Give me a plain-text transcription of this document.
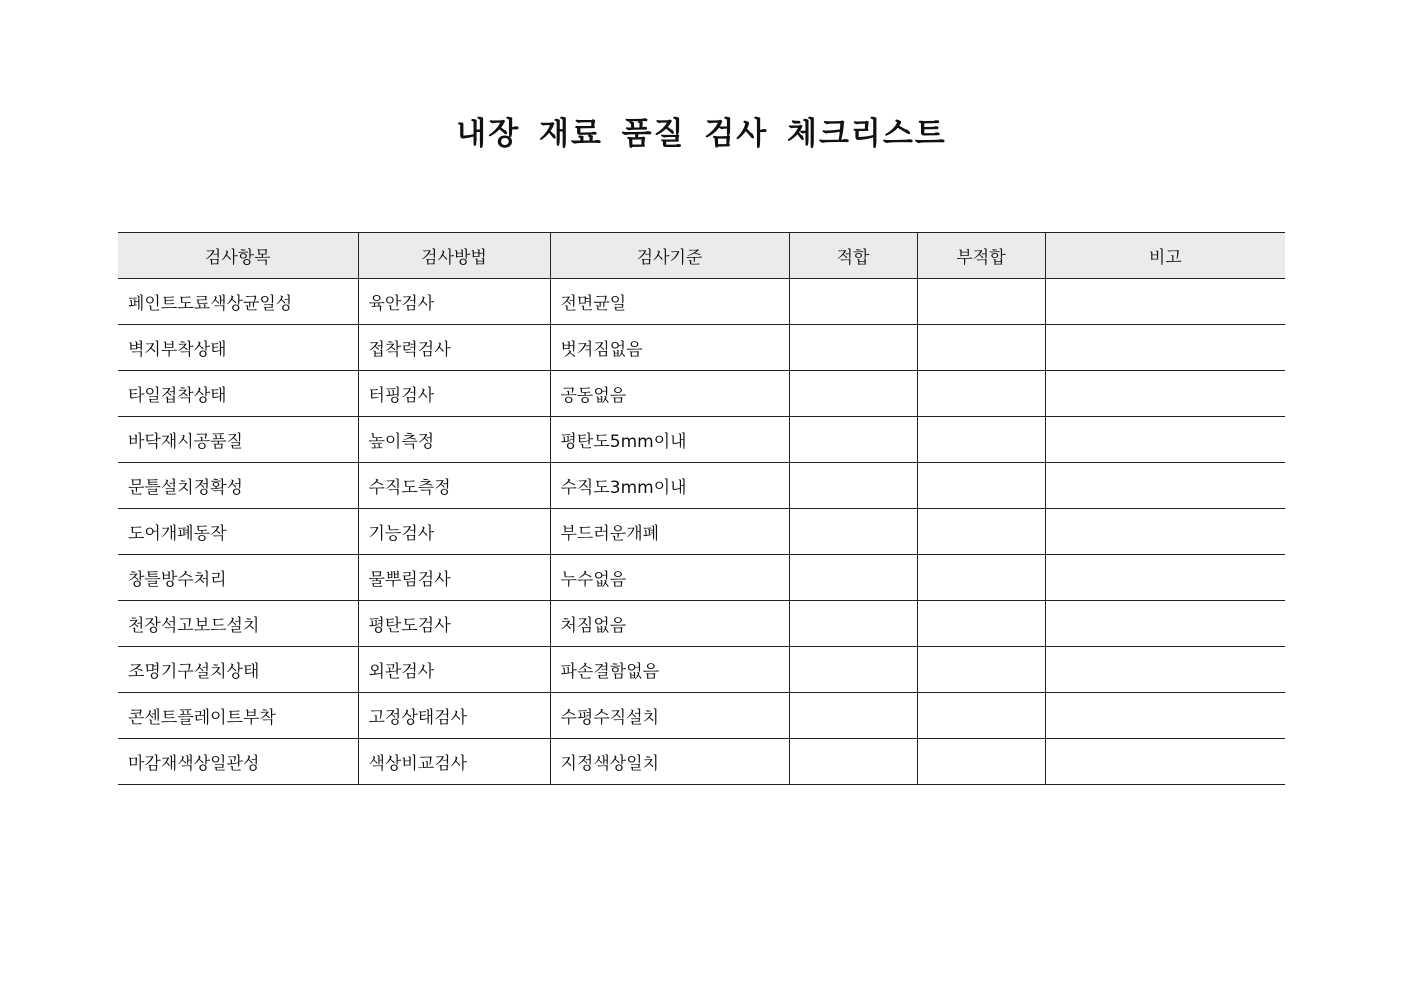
내장 재료 품질 검사 체크리스트
검사항목	검사방법	검사기준	적합	부적합	비고
페인트도료색상균일성	육안검사	전면균일			
벽지부착상태	접착력검사	벗겨짐없음			
타일접착상태	터핑검사	공동없음			
바닥재시공품질	높이측정	평탄도5mm이내			
문틀설치정확성	수직도측정	수직도3mm이내			
도어개폐동작	기능검사	부드러운개폐			
창틀방수처리	물뿌림검사	누수없음			
천장석고보드설치	평탄도검사	처짐없음			
조명기구설치상태	외관검사	파손결함없음			
콘센트플레이트부착	고정상태검사	수평수직설치			
마감재색상일관성	색상비교검사	지정색상일치			
